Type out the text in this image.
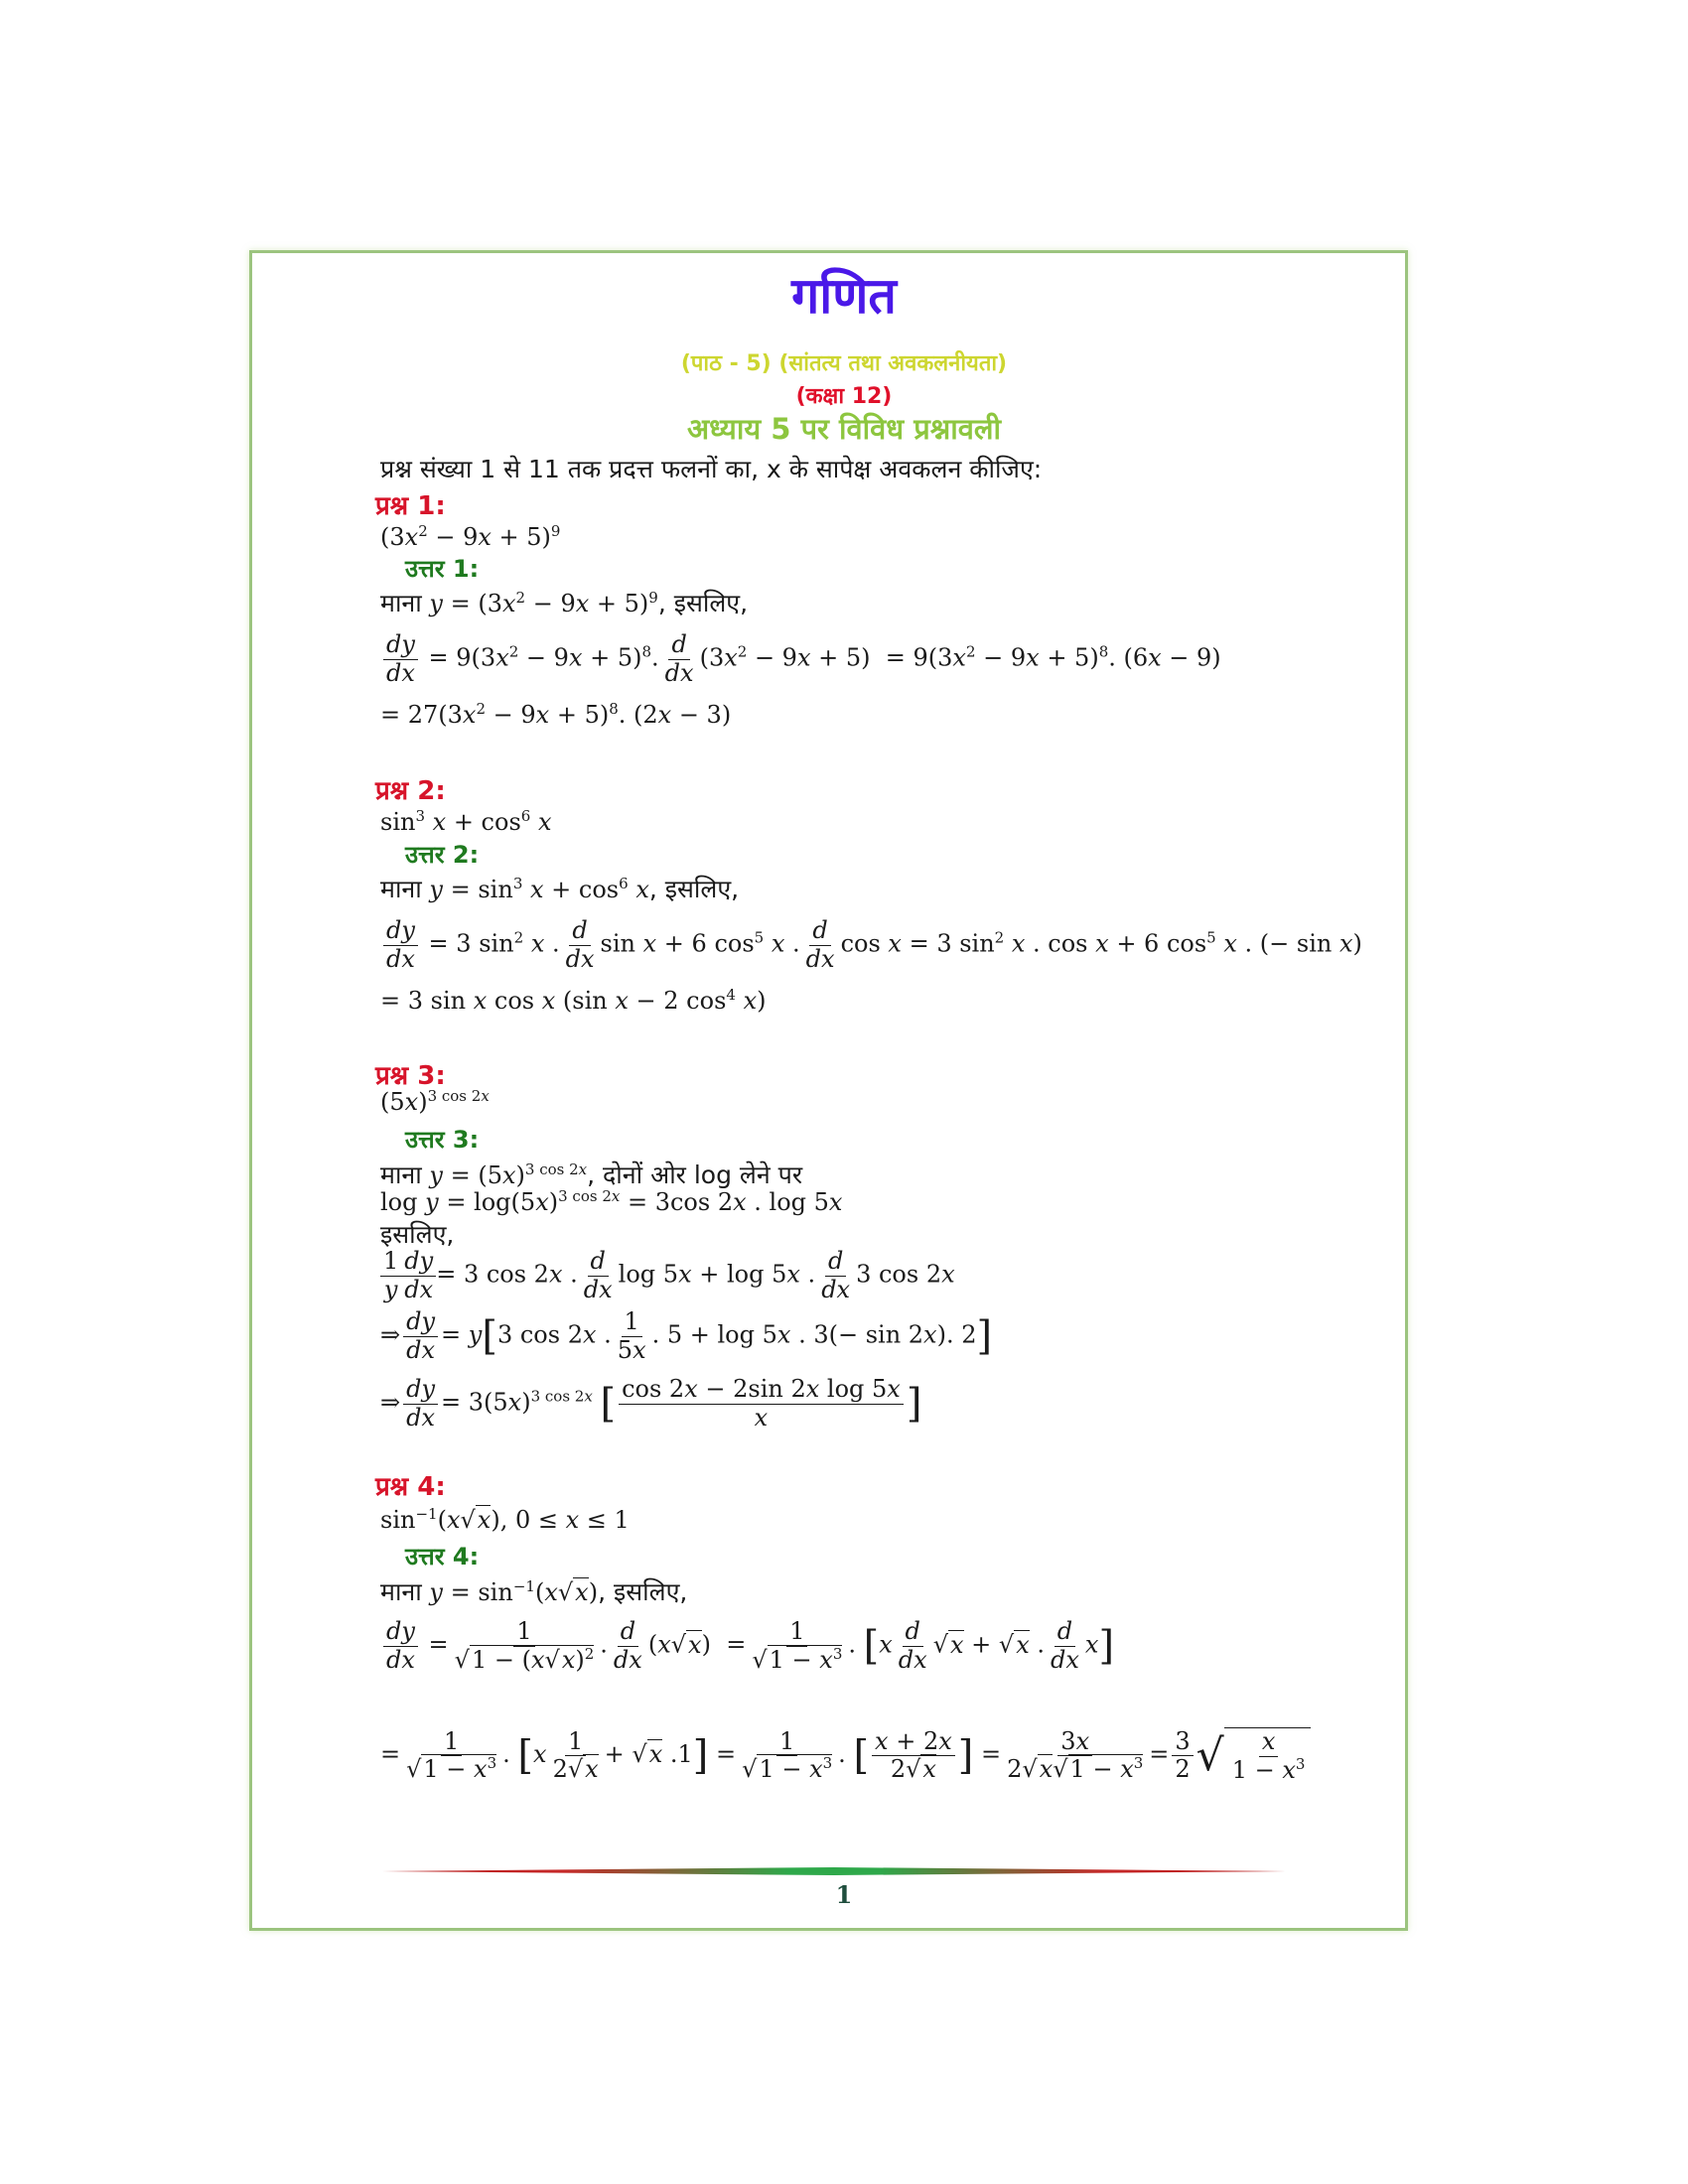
गणित
(पाठ - 5) (सांतत्य तथा अवकलनीयता)
(कक्षा 12)
अध्याय 5 पर विविध प्रश्नावली
प्रश्न संख्या 1 से 11 तक प्रदत्त फलनों का, x के सापेक्ष अवकलन कीजिए:
प्रश्न 1:
$(3x^2 - 9x + 5)^9$
उत्तर 1:
माना $y = (3x^2 - 9x + 5)^9$, इसलिए,
$\frac{dy}{dx} = 9(3x^2 - 9x + 5)^8$. $\frac{d}{dx} (3x^2 - 9x + 5) = 9(3x^2 - 9x + 5)^8$. (6x − 9)
= $27(3x^2 - 9x + 5)^8$. (2x − 3)
प्रश्न 2:
$\sin^3 x + \cos^6 x$
उत्तर 2:
माना $y = \sin^3 x + \cos^6 x$, इसलिए,
$\frac{dy}{dx} = 3$ $\sin^2 x$ . $\frac{d}{dx}$ sin x + 6 $\cos^5 x$ . $\frac{d}{dx}$ cos x = 3 $\sin^2 x$ . cos x + 6 $\cos^5 x$ . (− sin x)
= 3 sin x cos x (sin x − 2 $\cos^4 x$)
प्रश्न 3:
$(5x)^{3 cos 2x}$
उत्तर 3:
माना $y = (5x)^{3 cos 2x}$, दोनों ओर log लेने पर
$\log y = \log(5x)^{3 cos 2x} = 3\cos$ 2x . log 5x
इसलिए,
$\frac{1}{y} \frac{dy}{dx} = 3$ cos 2x . $\frac{d}{dx}$ log 5x + log 5x . $\frac{d}{dx} 3$ cos 2x
⇒ $\frac{dy}{dx} = y[3$ cos 2x . $\frac{1}{5x}$ . 5 + log 5x . 3(− sin 2x). 2]
⇒ $\frac{dy}{dx} = 3(5x)^{3 cos 2x}$ [ $\frac{\text{cos 2x − 2sin 2x log 5x}}{x}$ ]
प्रश्न 4:
$\sin^{-1}(x√x)$, 0 ≤ x ≤ 1
उत्तर 4:
माना $y = \sin^{-1}(x√x)$, इसलिए,
$\frac{dy}{dx} = \frac{1}{√1 - (x√x)^2}$ . $\frac{d}{dx} (x√x) = \frac{1}{√1 - x^3}$ . [$x \frac{d}{dx} √x + √x$ . $\frac{d}{dx} x$]
= $\frac{1}{√1 - x^3}$ . [$x \frac{1}{2√x} + √x$ $.1] = \frac{1}{√1 - x^3}$ . [ $\frac{x + 2x}{2√x}$ ] = $\frac{3x}{2√x√1 - x^3} = \frac{3}{2}$ √ $\frac{x}{1 - x^3}$
1
